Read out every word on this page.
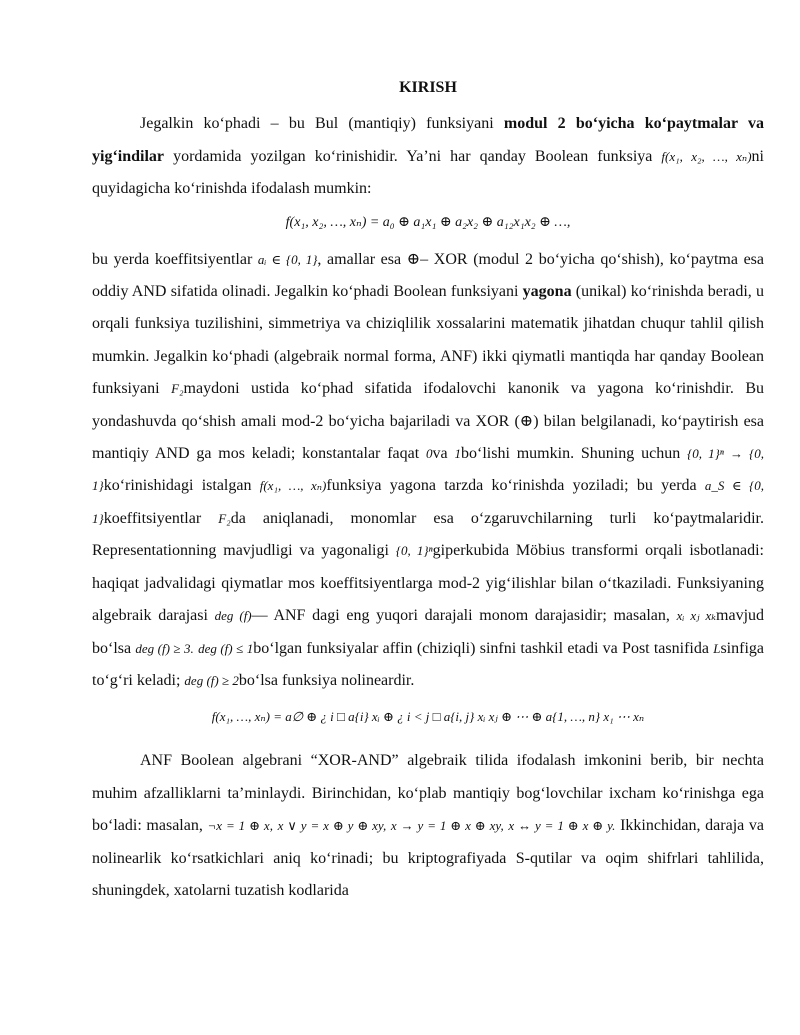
KIRISH

Jegalkin ko‘phadi – bu Bul (mantiqiy) funksiyani modul 2 bo‘yicha ko‘paytmalar va yig‘indilar yordamida yozilgan ko‘rinishidir. Ya’ni har qanday Boolean funksiya f(x₁, x₂, …, xₙ)ni quyidagicha ko‘rinishda ifodalash mumkin:

f(x₁, x₂, …, xₙ) = a₀ ⊕ a₁x₁ ⊕ a₂x₂ ⊕ a₁₂x₁x₂ ⊕ …,

bu yerda koeffitsiyentlar aᵢ ∈ {0, 1}, amallar esa ⊕– XOR (modul 2 bo‘yicha qo‘shish), ko‘paytma esa oddiy AND sifatida olinadi. Jegalkin ko‘phadi Boolean funksiyani yagona (unikal) ko‘rinishda beradi, u orqali funksiya tuzilishini, simmetriya va chiziqlilik xossalarini matematik jihatdan chuqur tahlil qilish mumkin. Jegalkin ko‘phadi (algebraik normal forma, ANF) ikki qiymatli mantiqda har qanday Boolean funksiyani F₂maydoni ustida ko‘phad sifatida ifodalovchi kanonik va yagona ko‘rinishdir. Bu yondashuvda qo‘shish amali mod-2 bo‘yicha bajariladi va XOR (⊕) bilan belgilanadi, ko‘paytirish esa mantiqiy AND ga mos keladi; konstantalar faqat 0va 1bo‘lishi mumkin. Shuning uchun {0, 1}ⁿ → {0, 1}ko‘rinishidagi istalgan f(x₁, …, xₙ)funksiya yagona tarzda ko‘rinishda yoziladi; bu yerda a_S ∈ {0, 1}koeffitsiyentlar F₂da aniqlanadi, monomlar esa o‘zgaruvchilarning turli ko‘paytmalaridir. Representationning mavjudligi va yagonaligi {0, 1}ⁿgiperkubida Möbius transformi orqali isbotlanadi: haqiqat jadvalidagi qiymatlar mos koeffitsiyentlarga mod-2 yig‘ilishlar bilan o‘tkaziladi. Funksiyaning algebraik darajasi deg (f)— ANF dagi eng yuqori darajali monom darajasidir; masalan, xᵢ xⱼ xₖmavjud bo‘lsa deg (f) ≥ 3. deg (f) ≤ 1bo‘lgan funksiyalar affin (chiziqli) sinfni tashkil etadi va Post tasnifida Lsinfiga to‘g‘ri keladi; deg (f) ≥ 2bo‘lsa funksiya nolineardir.

f(x₁, …, xₙ) = a∅ ⊕ ¿ i □ a{i} xᵢ ⊕ ¿ i < j □ a{i, j} xᵢ xⱼ ⊕ ⋯ ⊕ a{1, …, n} x₁ ⋯ xₙ

ANF Boolean algebrani “XOR-AND” algebraik tilida ifodalash imkonini berib, bir nechta muhim afzalliklarni ta’minlaydi. Birinchidan, ko‘plab mantiqiy bog‘lovchilar ixcham ko‘rinishga ega bo‘ladi: masalan, ¬x = 1 ⊕ x, x ∨ y = x ⊕ y ⊕ xy, x → y = 1 ⊕ x ⊕ xy, x ↔ y = 1 ⊕ x ⊕ y. Ikkinchidan, daraja va nolinearlik ko‘rsatkichlari aniq ko‘rinadi; bu kriptografiyada S-qutilar va oqim shifrlari tahlilida, shuningdek, xatolarni tuzatish kodlarida
